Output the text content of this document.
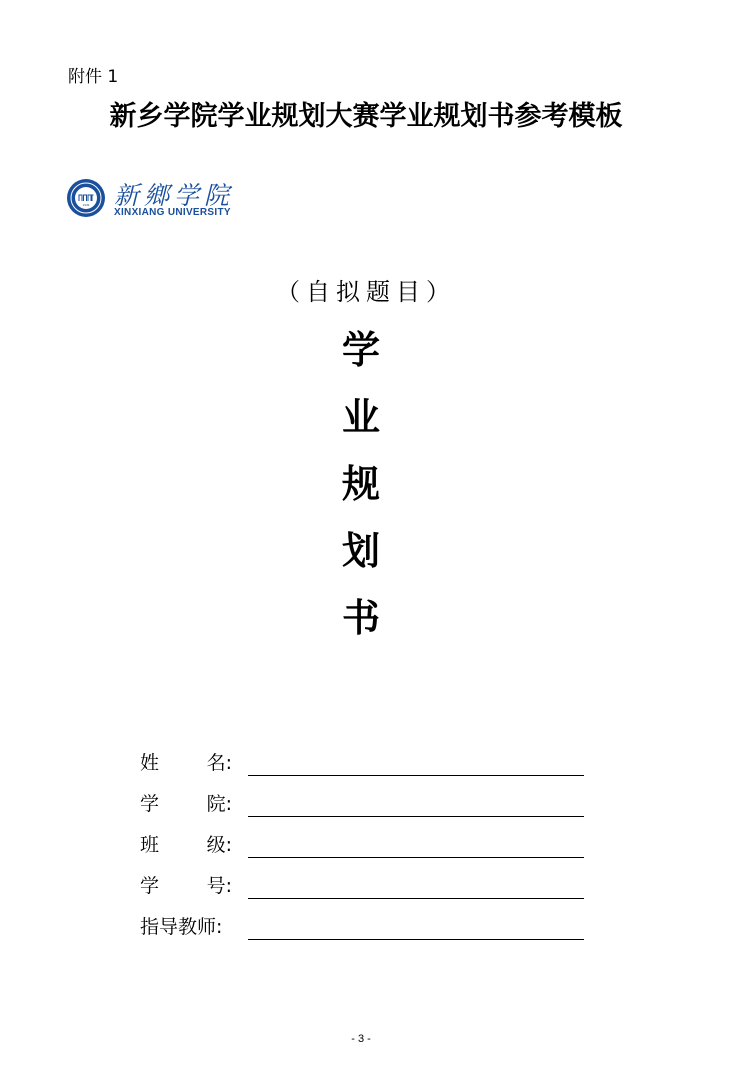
附件 1
新乡学院学业规划大赛学业规划书参考模板
1949 新鄉学院
XINXIANG UNIVERSITY
（自拟题目）
学
业
规
划
书
姓	名:
学	院:
班	级:
学	号:
指导教师:
- 3 -
